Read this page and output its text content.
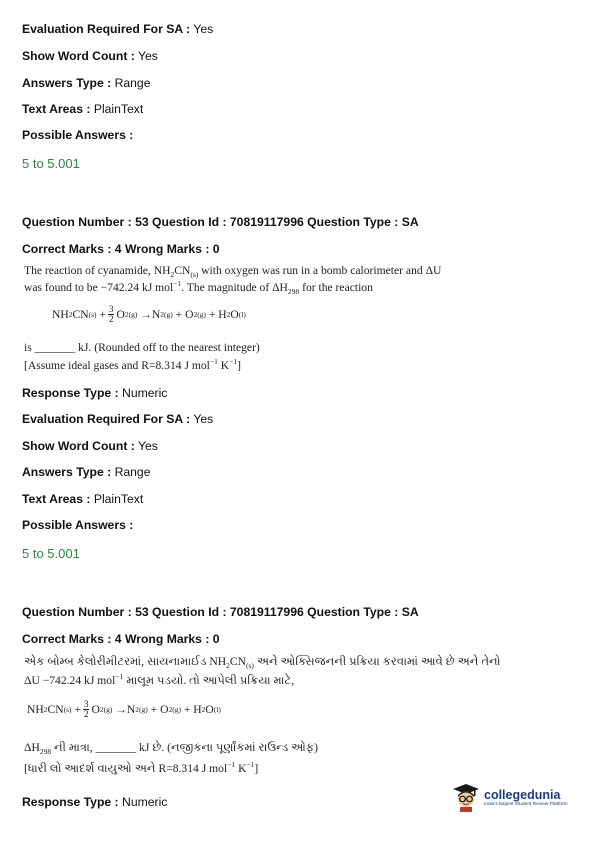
Evaluation Required For SA : Yes
Show Word Count : Yes
Answers Type : Range
Text Areas : PlainText
Possible Answers :
5 to 5.001
Question Number : 53 Question Id : 70819117996 Question Type : SA
Correct Marks : 4 Wrong Marks : 0
The reaction of cyanamide, $NH_2CN_{(s)}$ with oxygen was run in a bomb calorimeter and ΔU
was found to be −742.24 kJ mol$^{-1}$. The magnitude of $\Delta H_{298}$ for the reaction
NH 2 CN (s)
+ $\frac{3}{2}$ O 2 (g)
→N 2 (g)
+ O 2 (g)
+ H 2 O (l)
is _______ kJ. (Rounded off to the nearest integer)
[Assume ideal gases and R=8.314 J mol$^{-1}$ $K^{-1}$]
Response Type : Numeric
Evaluation Required For SA : Yes
Show Word Count : Yes
Answers Type : Range
Text Areas : PlainText
Possible Answers :
5 to 5.001
Question Number : 53 Question Id : 70819117996 Question Type : SA
Correct Marks : 4 Wrong Marks : 0
એક બોમ્બ કેલોરીમીટરમાં, સાયનામાઈડ $NH_2CN_{(s)}$ અને ઓક્સિજનની પ્રક્રિયા કરવામાં આવે છે અને તેનો
ΔU −742.24 kJ mol$^{-1}$ માલૂમ પડયો. તો આપેલી પ્રક્રિયા માટે,
NH 2 CN (s)
+ $\frac{3}{2}$ O 2 (g)
→N 2 (g)
+ O 2 (g)
+ H 2 O (l)
$\Delta H_{298}$ ની માત્રા, _______ kJ છે. (નજીકના પૂર્ણાંકમાં રાઉન્ડ ઓફ)
[ધારી લો આદર્શ વાયુઓ અને R=8.314 J mol$^{-1}$ $K^{-1}$]
Response Type : Numeric
collegedunia
India's largest Student Review Platform
